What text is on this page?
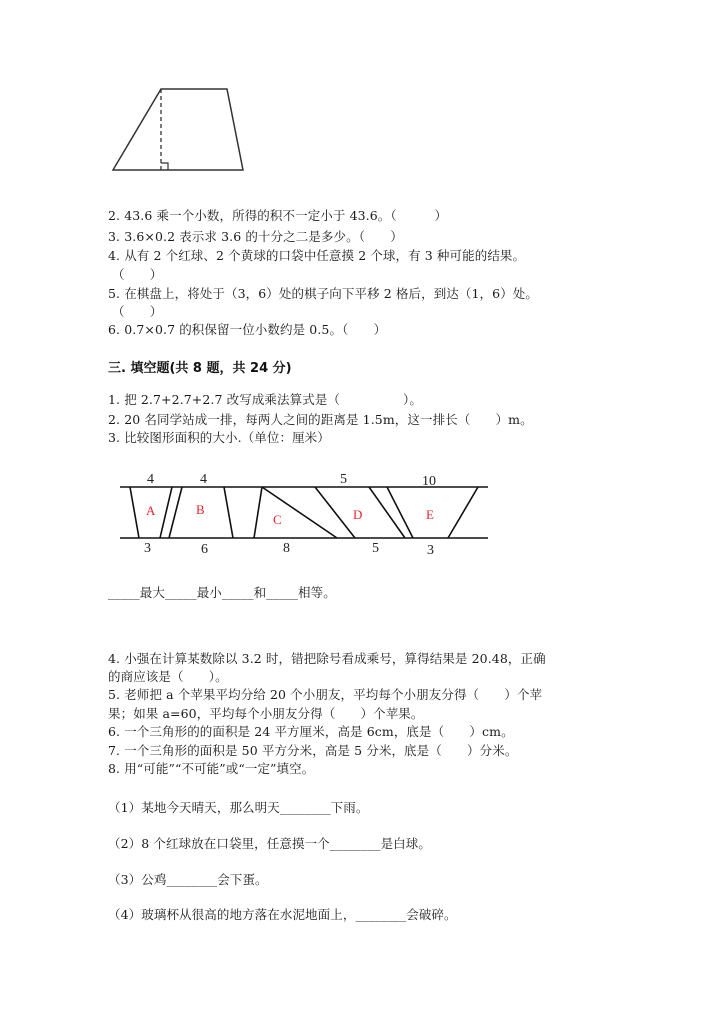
2. 43.6 乘一个小数，所得的积不一定小于 43.6。（　　　）
3. 3.6×0.2 表示求 3.6 的十分之二是多少。（　　）
4. 从有 2 个红球、2 个黄球的口袋中任意摸 2 个球，有 3 种可能的结果。
（　　）
5. 在棋盘上，将处于（3，6）处的棋子向下平移 2 格后，到达（1，6）处。
（　　）
6. 0.7×0.7 的积保留一位小数约是 0.5。（　　）
三. 填空题(共 8 题，共 24 分)
1. 把 2.7+2.7+2.7 改写成乘法算式是（　　　　　）。
2. 20 名同学站成一排，每两人之间的距离是 1.5m，这一排长（　　）m。
3. 比较图形面积的大小.（单位：厘米）
4	4	5	10
3	6	8	5	3
A	B
C	D	E
_____最大_____最小_____和_____相等。
4. 小强在计算某数除以 3.2 时，错把除号看成乘号，算得结果是 20.48，正确
的商应该是（　　）。
5. 老师把 a 个苹果平均分给 20 个小朋友，平均每个小朋友分得（　　）个苹
果；如果 a=60，平均每个小朋友分得（　　）个苹果。
6. 一个三角形的的面积是 24 平方厘米，高是 6cm，底是（　　）cm。
7. 一个三角形的面积是 50 平方分米，高是 5 分米，底是（　　）分米。
8. 用“可能”“不可能”或“一定”填空。
（1）某地今天晴天，那么明天________下雨。
（2）8 个红球放在口袋里，任意摸一个________是白球。
（3）公鸡________会下蛋。
（4）玻璃杯从很高的地方落在水泥地面上，________会破碎。
